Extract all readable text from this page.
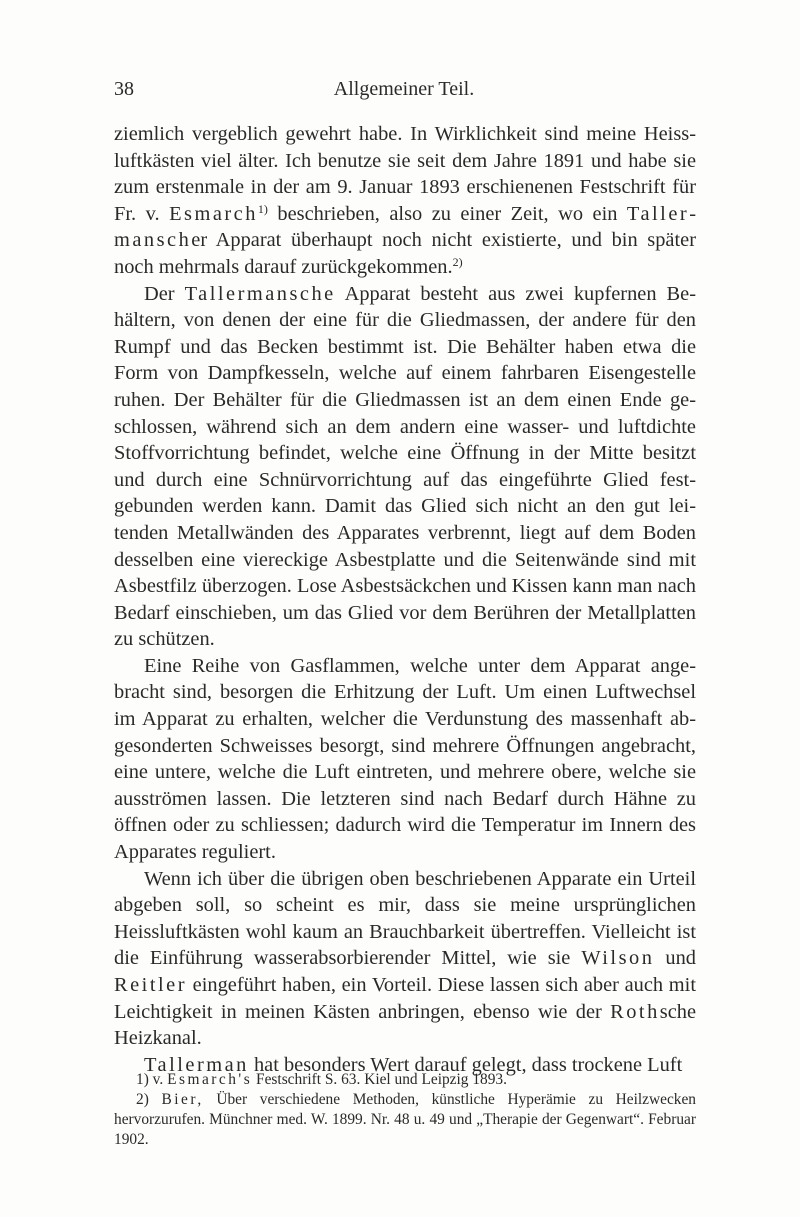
38	Allgemeiner Teil.

ziemlich vergeblich gewehrt habe. In Wirklichkeit sind meine Heissluftkästen viel älter. Ich benutze sie seit dem Jahre 1891 und habe sie zum erstenmale in der am 9. Januar 1893 erschienenen Festschrift für Fr. v. Esmarch$^{1)}$ beschrieben, also zu einer Zeit, wo ein Tallermanscher Apparat überhaupt noch nicht existierte, und bin später noch mehrmals darauf zurückgekommen.$^{2)}$

Der Tallermansche Apparat besteht aus zwei kupfernen Behältern, von denen der eine für die Gliedmassen, der andere für den Rumpf und das Becken bestimmt ist. Die Behälter haben etwa die Form von Dampfkesseln, welche auf einem fahrbaren Eisengestelle ruhen. Der Behälter für die Gliedmassen ist an dem einen Ende geschlossen, während sich an dem andern eine wasser- und luftdichte Stoffvorrichtung befindet, welche eine Öffnung in der Mitte besitzt und durch eine Schnürvorrichtung auf das eingeführte Glied festgebunden werden kann. Damit das Glied sich nicht an den gut leitenden Metallwänden des Apparates verbrennt, liegt auf dem Boden desselben eine viereckige Asbestplatte und die Seitenwände sind mit Asbestfilz überzogen. Lose Asbestsäckchen und Kissen kann man nach Bedarf einschieben, um das Glied vor dem Berühren der Metallplatten zu schützen.

Eine Reihe von Gasflammen, welche unter dem Apparat angebracht sind, besorgen die Erhitzung der Luft. Um einen Luftwechsel im Apparat zu erhalten, welcher die Verdunstung des massenhaft abgesonderten Schweisses besorgt, sind mehrere Öffnungen angebracht, eine untere, welche die Luft eintreten, und mehrere obere, welche sie ausströmen lassen. Die letzteren sind nach Bedarf durch Hähne zu öffnen oder zu schliessen; dadurch wird die Temperatur im Innern des Apparates reguliert.

Wenn ich über die übrigen oben beschriebenen Apparate ein Urteil abgeben soll, so scheint es mir, dass sie meine ursprünglichen Heissluftkästen wohl kaum an Brauchbarkeit übertreffen. Vielleicht ist die Einführung wasserabsorbierender Mittel, wie sie Wilson und Reitler eingeführt haben, ein Vorteil. Diese lassen sich aber auch mit Leichtigkeit in meinen Kästen anbringen, ebenso wie der Rothsche Heizkanal.

Tallerman hat besonders Wert darauf gelegt, dass trockene Luft

1) v. Esmarch's Festschrift S. 63. Kiel und Leipzig 1893.

2) Bier, Über verschiedene Methoden, künstliche Hyperämie zu Heilzwecken hervorzurufen. Münchner med. W. 1899. Nr. 48 u. 49 und „Therapie der Gegenwart“. Februar 1902.
